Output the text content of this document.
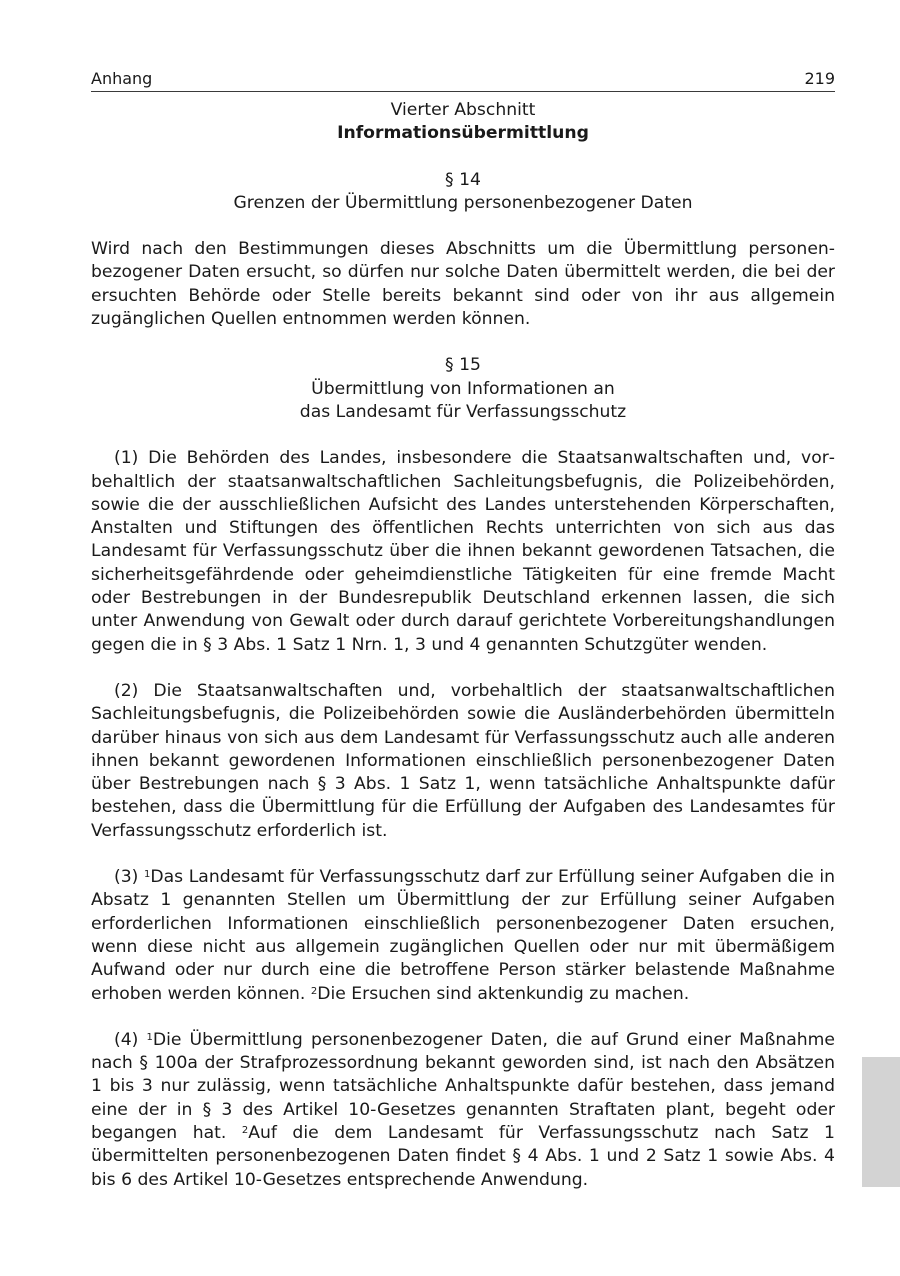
Anhang	219
Vierter Abschnitt
Informationsübermittlung
§ 14
Grenzen der Übermittlung personenbezogener Daten

Wird nach den Bestimmungen dieses Abschnitts um die Übermittlung personenbezogener Daten ersucht, so dürfen nur solche Daten übermittelt werden, die bei der ersuchten Behörde oder Stelle bereits bekannt sind oder von ihr aus allgemein zugänglichen Quellen entnommen werden können.

§ 15
Übermittlung von Informationen an
das Landesamt für Verfassungsschutz

(1) Die Behörden des Landes, insbesondere die Staatsanwaltschaften und, vorbehaltlich der staatsanwaltschaftlichen Sachleitungsbefugnis, die Polizeibehörden, sowie die der ausschließlichen Aufsicht des Landes unterstehenden Körperschaften, Anstalten und Stiftungen des öffentlichen Rechts unterrichten von sich aus das Landesamt für Verfassungsschutz über die ihnen bekannt gewordenen Tatsachen, die sicherheitsgefährdende oder geheimdienstliche Tätigkeiten für eine fremde Macht oder Bestrebungen in der Bundesrepublik Deutschland erkennen lassen, die sich unter Anwendung von Gewalt oder durch darauf gerichtete Vorbereitungshandlungen gegen die in § 3 Abs. 1 Satz 1 Nrn. 1, 3 und 4 genannten Schutzgüter wenden.

(2) Die Staatsanwaltschaften und, vorbehaltlich der staatsanwaltschaftlichen Sachleitungsbefugnis, die Polizeibehörden sowie die Ausländerbehörden übermitteln darüber hinaus von sich aus dem Landesamt für Verfassungsschutz auch alle anderen ihnen bekannt gewordenen Informationen einschließlich personenbezogener Daten über Bestrebungen nach § 3 Abs. 1 Satz 1, wenn tatsächliche Anhaltspunkte dafür bestehen, dass die Übermittlung für die Erfüllung der Aufgaben des Landesamtes für Verfassungsschutz erforderlich ist.

(3) $^1$Das Landesamt für Verfassungsschutz darf zur Erfüllung seiner Aufgaben die in Absatz 1 genannten Stellen um Übermittlung der zur Erfüllung seiner Aufgaben erforderlichen Informationen einschließlich personenbezogener Daten ersuchen, wenn diese nicht aus allgemein zugänglichen Quellen oder nur mit übermäßigem Aufwand oder nur durch eine die betroffene Person stärker belastende Maßnahme erhoben werden können. $^2$Die Ersuchen sind aktenkundig zu machen.

(4) $^1$Die Übermittlung personenbezogener Daten, die auf Grund einer Maßnahme nach § 100a der Strafprozessordnung bekannt geworden sind, ist nach den Absätzen 1 bis 3 nur zulässig, wenn tatsächliche Anhaltspunkte dafür bestehen, dass jemand eine der in § 3 des Artikel 10-Gesetzes genannten Straftaten plant, begeht oder begangen hat. $^2$Auf die dem Landesamt für Verfassungsschutz nach Satz 1 übermittelten personenbezogenen Daten findet § 4 Abs. 1 und 2 Satz 1 sowie Abs. 4 bis 6 des Artikel 10-Gesetzes entsprechende Anwendung.
